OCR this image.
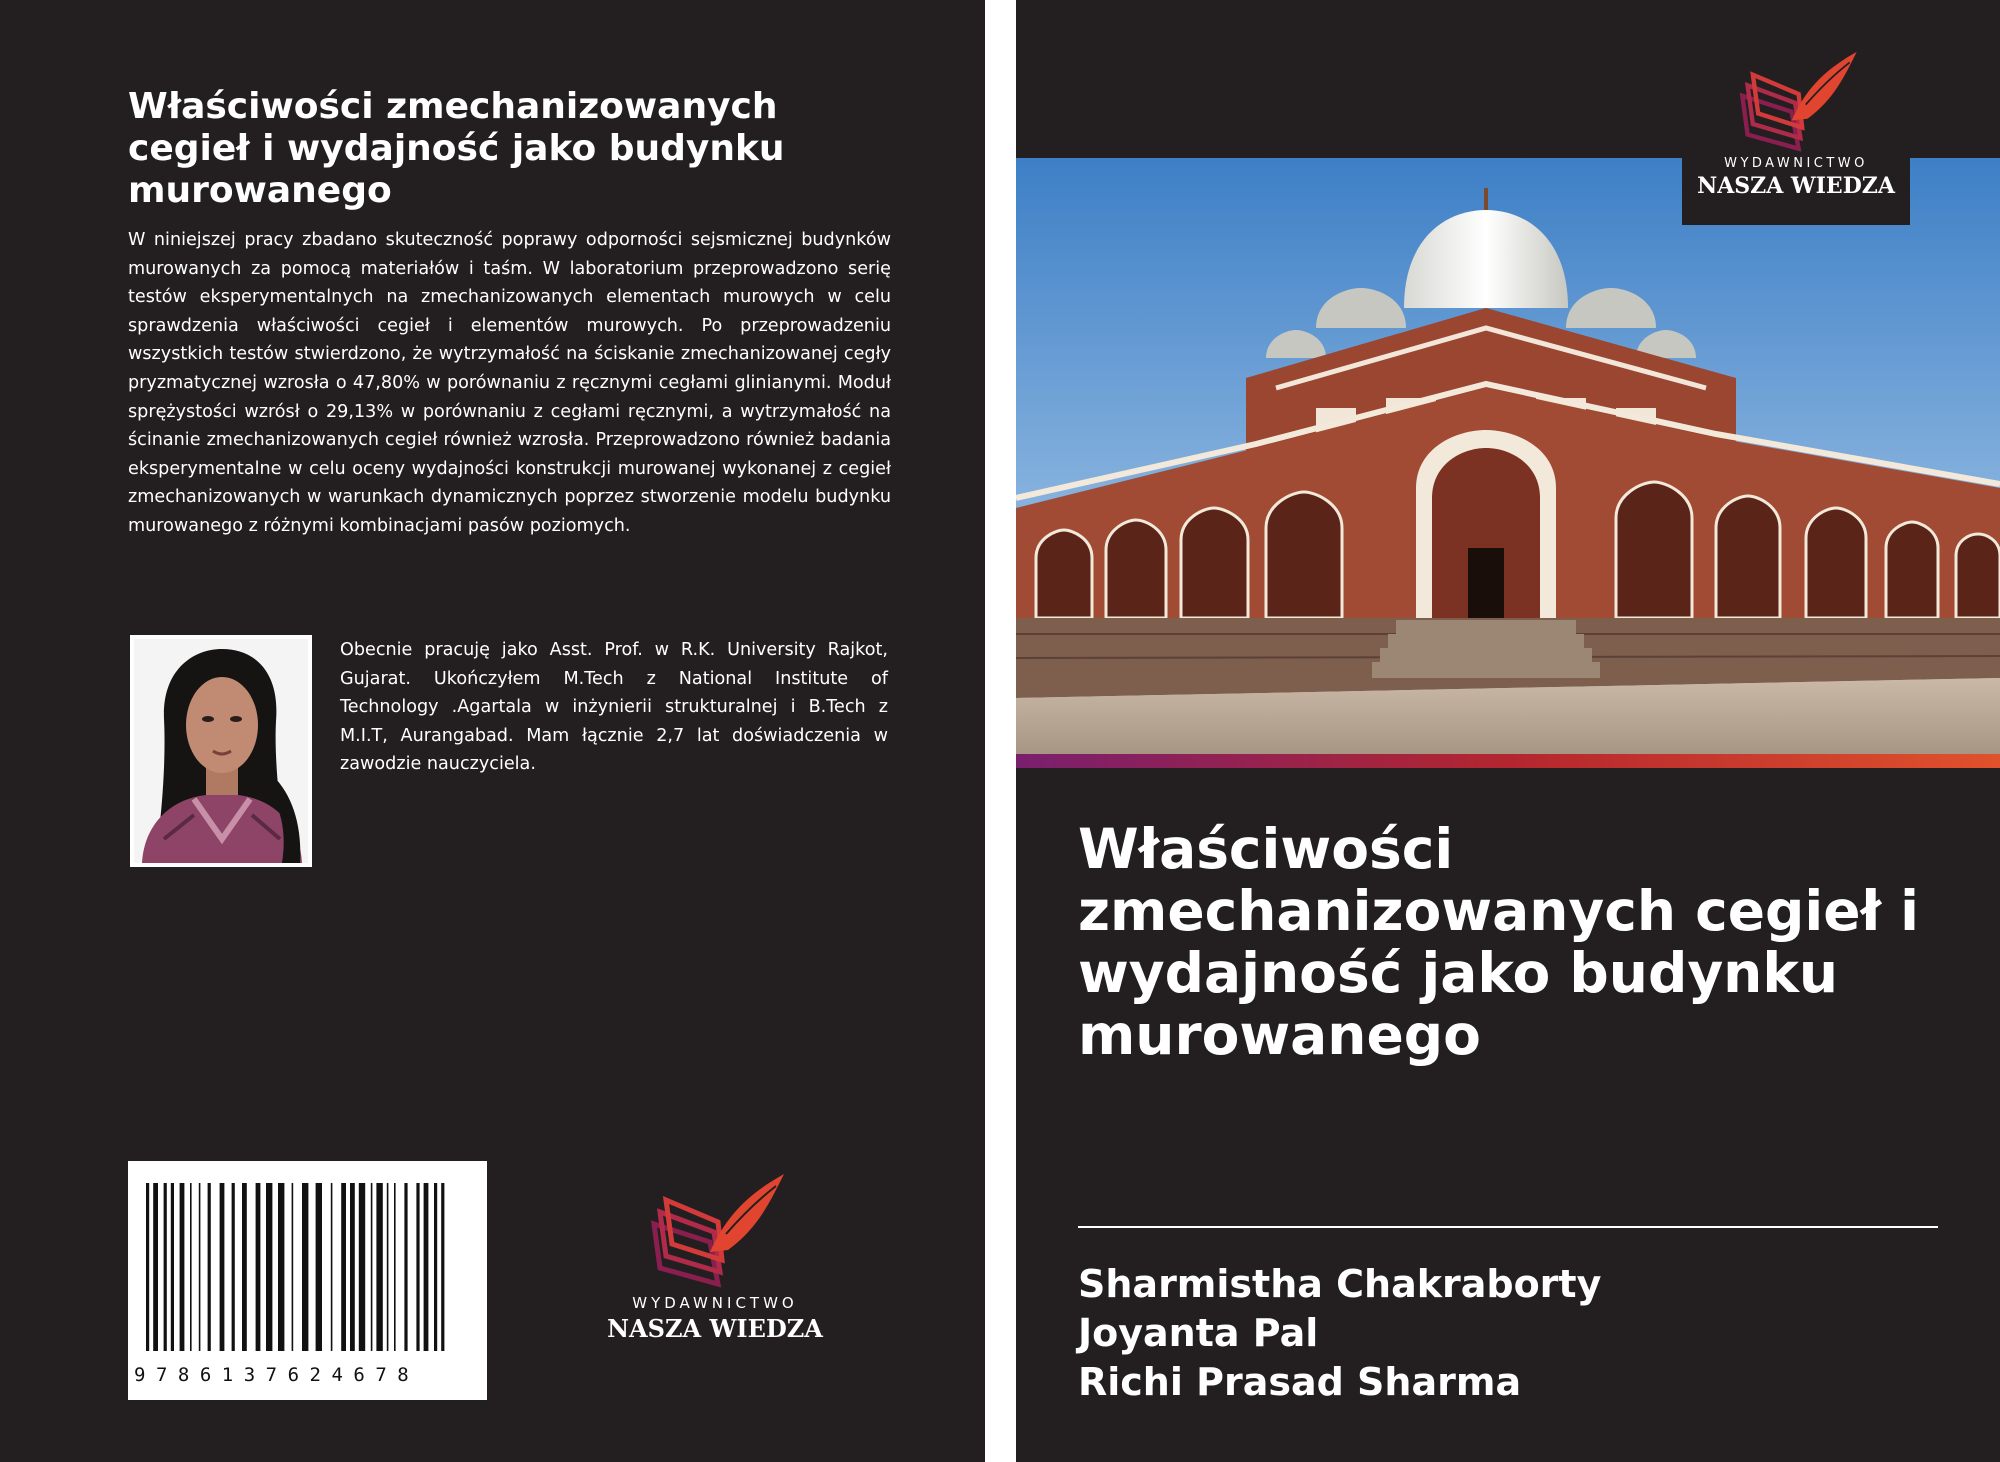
Właściwości zmechanizowanych cegieł i wydajność jako budynku murowanego

W niniejszej pracy zbadano skuteczność poprawy odporności sejsmicznej budynków murowanych za pomocą materiałów i taśm. W laboratorium przeprowadzono serię testów eksperymentalnych na zmechanizowanych elementach murowych w celu sprawdzenia właściwości cegieł i elementów murowych. Po przeprowadzeniu wszystkich testów stwierdzono, że wytrzymałość na ściskanie zmechanizowanej cegły pryzmatycznej wzrosła o 47,80% w porównaniu z ręcznymi cegłami glinianymi. Moduł sprężystości wzrósł o 29,13% w porównaniu z cegłami ręcznymi, a wytrzymałość na ścinanie zmechanizowanych cegieł również wzrosła. Przeprowadzono również badania eksperymentalne w celu oceny wydajności konstrukcji murowanej wykonanej z cegieł zmechanizowanych w warunkach dynamicznych poprzez stworzenie modelu budynku murowanego z różnymi kombinacjami pasów poziomych.

Obecnie pracuję jako Asst. Prof. w R.K. University Rajkot, Gujarat. Ukończyłem M.Tech z National Institute of Technology .Agartala w inżynierii strukturalnej i B.Tech z M.I.T, Aurangabad. Mam łącznie 2,7 lat doświadczenia w zawodzie nauczyciela.

9786137624678
WYDAWNICTWO
NASZA WIEDZA
WYDAWNICTWO
NASZA WIEDZA
Właściwości zmechanizowanych cegieł i wydajność jako budynku murowanego
Sharmistha Chakraborty
Joyanta Pal
Richi Prasad Sharma
